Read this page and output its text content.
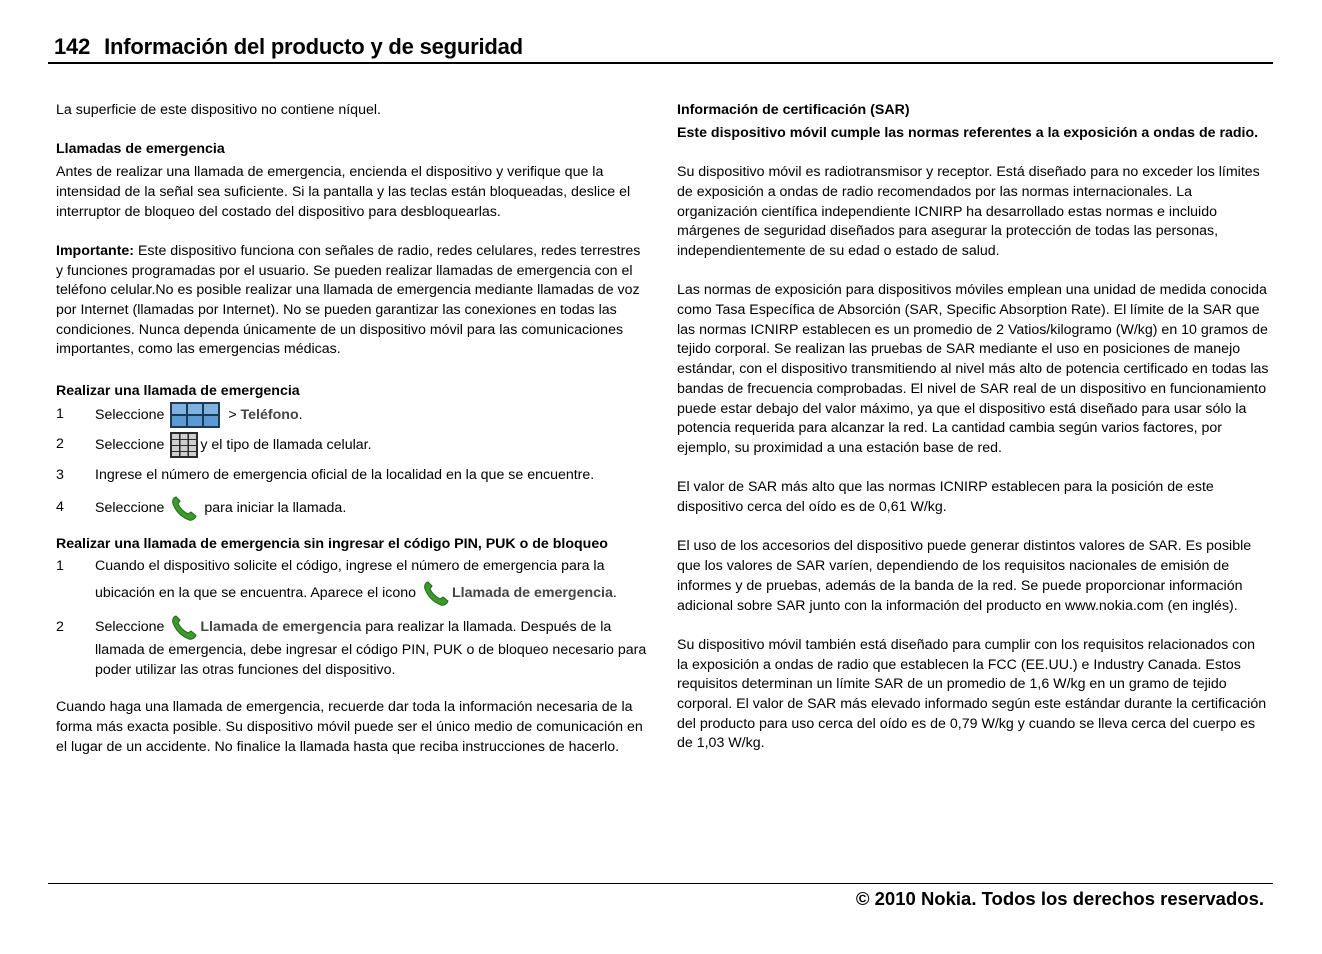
142 Información del producto y de seguridad

La superficie de este dispositivo no contiene níquel.

Llamadas de emergencia

Antes de realizar una llamada de emergencia, encienda el dispositivo y verifique que la intensidad de la señal sea suficiente. Si la pantalla y las teclas están bloqueadas, deslice el interruptor de bloqueo del costado del dispositivo para desbloquearlas.

Importante: Este dispositivo funciona con señales de radio, redes celulares, redes terrestres y funciones programadas por el usuario. Se pueden realizar llamadas de emergencia con el teléfono celular.No es posible realizar una llamada de emergencia mediante llamadas de voz por Internet (llamadas por Internet). No se pueden garantizar las conexiones en todas las condiciones. Nunca dependa únicamente de un dispositivo móvil para las comunicaciones importantes, como las emergencias médicas.

Realizar una llamada de emergencia

1	Seleccione	> Teléfono.
2	Seleccione	y el tipo de llamada celular.
3	Ingrese el número de emergencia oficial de la localidad en la que se encuentre.
4	Seleccione	para iniciar la llamada.

Realizar una llamada de emergencia sin ingresar el código PIN, PUK o de bloqueo

1	Cuando el dispositivo solicite el código, ingrese el número de emergencia para la
ubicación en la que se encuentra. Aparece el icono	Llamada de emergencia.
2	Seleccione	Llamada de emergencia para realizar la llamada. Después de la
llamada de emergencia, debe ingresar el código PIN, PUK o de bloqueo necesario para poder utilizar las otras funciones del dispositivo.

Cuando haga una llamada de emergencia, recuerde dar toda la información necesaria de la forma más exacta posible. Su dispositivo móvil puede ser el único medio de comunicación en el lugar de un accidente. No finalice la llamada hasta que reciba instrucciones de hacerlo.

Información de certificación (SAR)

Este dispositivo móvil cumple las normas referentes a la exposición a ondas de radio.

Su dispositivo móvil es radiotransmisor y receptor. Está diseñado para no exceder los límites de exposición a ondas de radio recomendados por las normas internacionales. La organización científica independiente ICNIRP ha desarrollado estas normas e incluido márgenes de seguridad diseñados para asegurar la protección de todas las personas, independientemente de su edad o estado de salud.

Las normas de exposición para dispositivos móviles emplean una unidad de medida conocida como Tasa Específica de Absorción (SAR, Specific Absorption Rate). El límite de la SAR que las normas ICNIRP establecen es un promedio de 2 Vatios/kilogramo (W/kg) en 10 gramos de tejido corporal. Se realizan las pruebas de SAR mediante el uso en posiciones de manejo estándar, con el dispositivo transmitiendo al nivel más alto de potencia certificado en todas las bandas de frecuencia comprobadas. El nivel de SAR real de un dispositivo en funcionamiento puede estar debajo del valor máximo, ya que el dispositivo está diseñado para usar sólo la potencia requerida para alcanzar la red. La cantidad cambia según varios factores, por ejemplo, su proximidad a una estación base de red.

El valor de SAR más alto que las normas ICNIRP establecen para la posición de este dispositivo cerca del oído es de 0,61 W/kg.

El uso de los accesorios del dispositivo puede generar distintos valores de SAR. Es posible que los valores de SAR varíen, dependiendo de los requisitos nacionales de emisión de informes y de pruebas, además de la banda de la red. Se puede proporcionar información adicional sobre SAR junto con la información del producto en www.nokia.com (en inglés).

Su dispositivo móvil también está diseñado para cumplir con los requisitos relacionados con la exposición a ondas de radio que establecen la FCC (EE.UU.) e Industry Canada. Estos requisitos determinan un límite SAR de un promedio de 1,6 W/kg en un gramo de tejido corporal. El valor de SAR más elevado informado según este estándar durante la certificación del producto para uso cerca del oído es de 0,79 W/kg y cuando se lleva cerca del cuerpo es de 1,03 W/kg.

© 2010 Nokia. Todos los derechos reservados.
